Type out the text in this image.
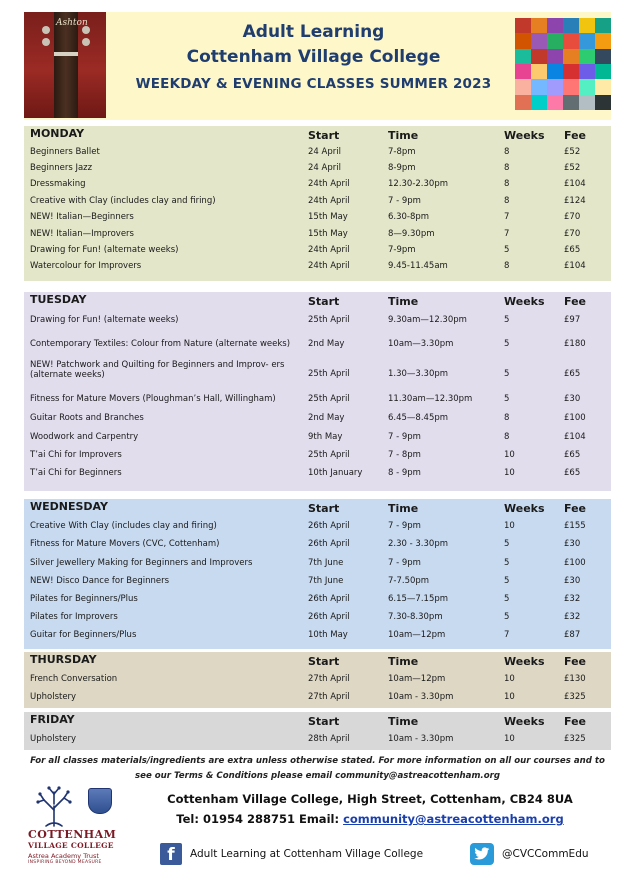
Ashton	Adult Learning
Cottenham Village College
WEEKDAY & EVENING CLASSES SUMMER 2023
MONDAY	Start	Time	Weeks Fee
Beginners Ballet	24 April	7-8pm	8	£52
Beginners Jazz	24 April	8-9pm	8	£52
Dressmaking	24th April	12.30-2.30pm	8	£104
Creative with Clay (includes clay and firing)	24th April	7 - 9pm	8	£124
NEW! Italian—Beginners	15th May	6.30-8pm	7	£70
NEW! Italian—Improvers	15th May	8—9.30pm	7	£70
Drawing for Fun! (alternate weeks)	24th April	7-9pm	5	£65
Watercolour for Improvers	24th April	9.45-11.45am	8	£104
TUESDAY	Start	Time	Weeks Fee
Drawing for Fun! (alternate weeks)	25th April	9.30am—12.30pm	5	£97
Contemporary Textiles: Colour from Nature (alternate weeks)	2nd May	10am—3.30pm	5	£180
NEW! Patchwork and Quilting for Beginners and Improv- ers (alternate weeks)	25th April	1.30—3.30pm	5	£65
Fitness for Mature Movers (Ploughman’s Hall, Willingham)	25th April	11.30am—12.30pm	5	£30
Guitar Roots and Branches	2nd May	6.45—8.45pm	8	£100
Woodwork and Carpentry	9th May	7 - 9pm	8	£104
T’ai Chi for Improvers	25th April	7 - 8pm	10	£65
T’ai Chi for Beginners	10th January	8 - 9pm	10	£65
WEDNESDAY	Start	Time	Weeks Fee
Creative With Clay (includes clay and firing)	26th April	7 - 9pm	10	£155
Fitness for Mature Movers (CVC, Cottenham)	26th April	2.30 - 3.30pm	5	£30
Silver Jewellery Making for Beginners and Improvers	7th June	7 - 9pm	5	£100
NEW! Disco Dance for Beginners	7th June	7-7.50pm	5	£30
Pilates for Beginners/Plus	26th April	6.15—7.15pm	5	£32
Pilates for Improvers	26th April	7.30-8.30pm	5	£32
Guitar for Beginners/Plus	10th May	10am—12pm	7	£87
THURSDAY	Start	Time	Weeks Fee
French Conversation	27th April	10am—12pm	10	£130
Upholstery	27th April	10am - 3.30pm	10	£325
FRIDAY	Start	Time	Weeks Fee
Upholstery	28th April	10am - 3.30pm	10	£325
For all classes materials/ingredients are extra unless otherwise stated. For more information on all our courses and to
see our Terms & Conditions please email community@astreacottenham.org
COTTENHAM
VILLAGE COLLEGE
Astrea Academy Trust
INSPIRING BEYOND MEASURE
Cottenham Village College, High Street, Cottenham, CB24 8UA
Tel: 01954 288751 Email: community@astreacottenham.org
f	Adult Learning at Cottenham Village College	@CVCCommEdu
